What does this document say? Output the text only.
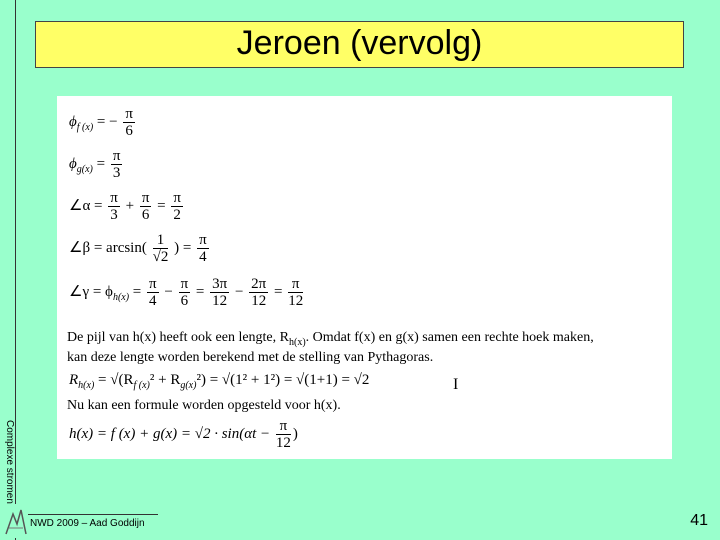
Jeroen (vervolg)
$\phi_{f (x)}$ = − $\frac{\pi}{6}$
$\phi_{g(x)} = \frac{\pi}{3}$
∠α = $\frac{\pi}{3} + \frac{\pi}{6} = \frac{\pi}{2}$
∠β = $\arcsin( \frac{1}{√2}$ ) = $\frac{\pi}{4}$
∠γ = $\phi_{h(x)} = \frac{\pi}{4} - \frac{\pi}{6} = \frac{3\pi}{12} - \frac{2\pi}{12} = \frac{\pi}{12}$
De pijl van h(x) heeft ook een lengte, $R_{h(x)}$. Omdat f(x) en g(x) samen een rechte hoek maken,
kan deze lengte worden berekend met de stelling van Pythagoras.
$R_{h(x)} = √(R_{f (x)}^2 + R_{g(x)}^2) = √(1^2 + 1^2) = √(1+1) = √2$	I
Nu kan een formule worden opgesteld voor h(x).
h(x) = f $(x) + g(x) = √2 \cdot \sin(\alpha t - \frac{\pi}{12}$ )
Complexe stromen
NWD 2009 – Aad Goddijn	41
